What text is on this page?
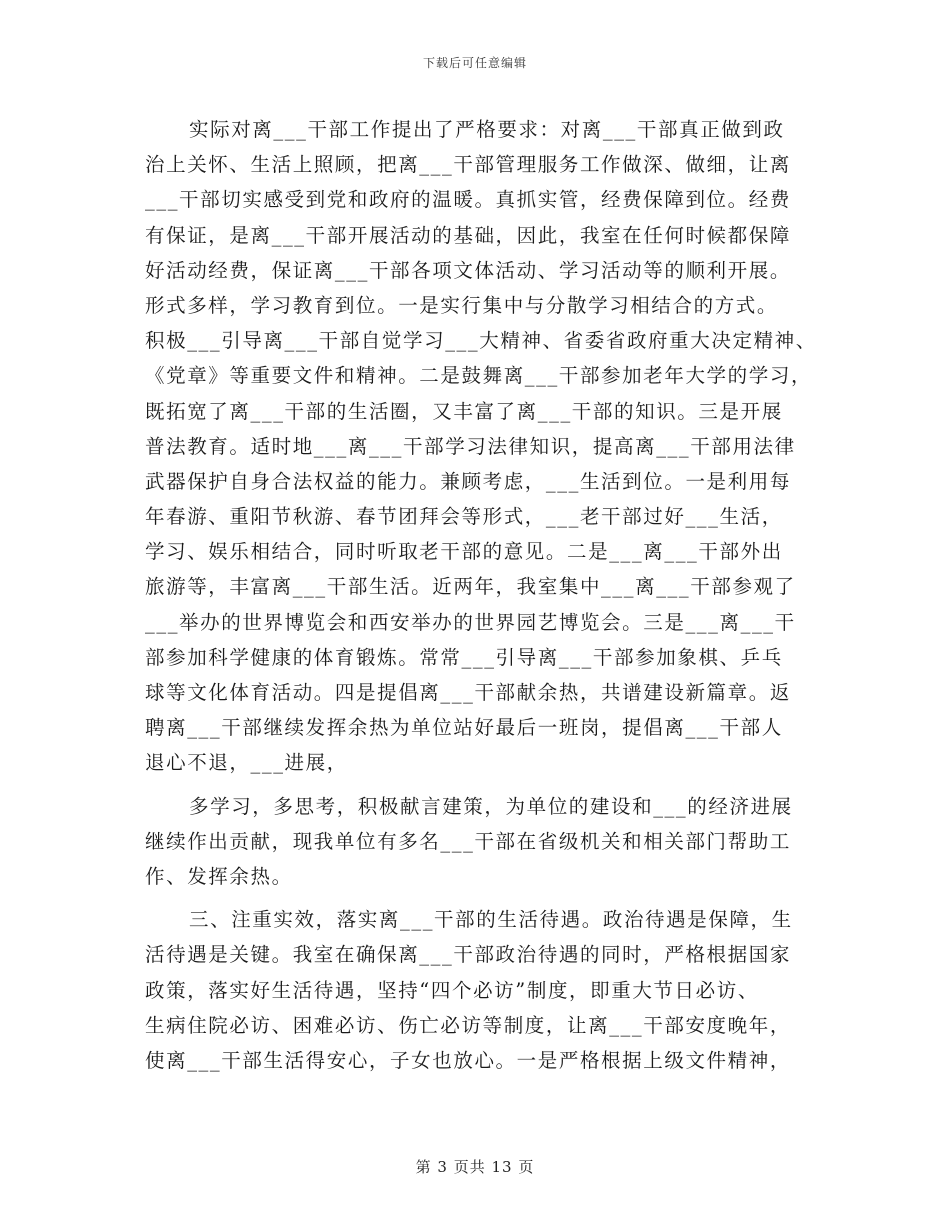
下载后可任意编辑
实际对离___干部工作提出了严格要求：对离___干部真正做到政
治上关怀、生活上照顾，把离___干部管理服务工作做深、做细，让离
___干部切实感受到党和政府的温暖。真抓实管，经费保障到位。经费
有保证，是离___干部开展活动的基础，因此，我室在任何时候都保障
好活动经费，保证离___干部各项文体活动、学习活动等的顺利开展。
形式多样，学习教育到位。一是实行集中与分散学习相结合的方式。
积极___引导离___干部自觉学习___大精神、省委省政府重大决定精神、
《党章》等重要文件和精神。二是鼓舞离___干部参加老年大学的学习，
既拓宽了离___干部的生活圈，又丰富了离___干部的知识。三是开展
普法教育。适时地___离___干部学习法律知识，提高离___干部用法律
武器保护自身合法权益的能力。兼顾考虑，___生活到位。一是利用每
年春游、重阳节秋游、春节团拜会等形式，___老干部过好___生活，
学习、娱乐相结合，同时听取老干部的意见。二是___离___干部外出
旅游等，丰富离___干部生活。近两年，我室集中___离___干部参观了
___举办的世界博览会和西安举办的世界园艺博览会。三是___离___干
部参加科学健康的体育锻炼。常常___引导离___干部参加象棋、乒乓
球等文化体育活动。四是提倡离___干部献余热，共谱建设新篇章。返
聘离___干部继续发挥余热为单位站好最后一班岗，提倡离___干部人
退心不退，___进展，
多学习，多思考，积极献言建策，为单位的建设和___的经济进展
继续作出贡献，现我单位有多名___干部在省级机关和相关部门帮助工
作、发挥余热。
三、注重实效，落实离___干部的生活待遇。政治待遇是保障，生
活待遇是关键。我室在确保离___干部政治待遇的同时，严格根据国家
政策，落实好生活待遇，坚持“四个必访”制度，即重大节日必访、
生病住院必访、困难必访、伤亡必访等制度，让离___干部安度晚年，
使离___干部生活得安心，子女也放心。一是严格根据上级文件精神，
第 3 页共 13 页
